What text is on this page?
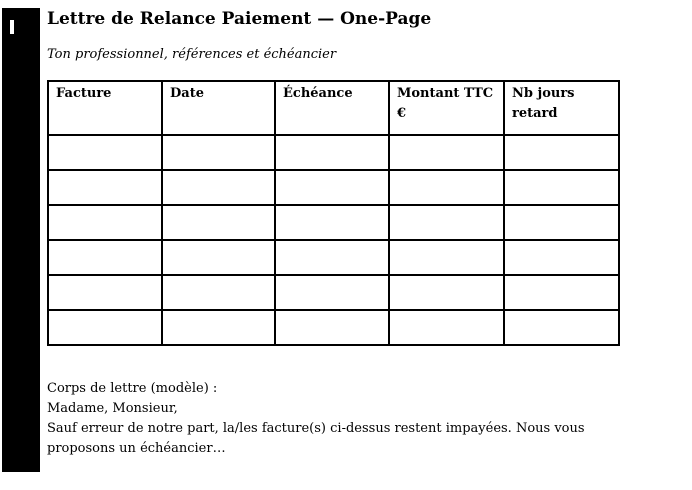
Lettre de Relance Paiement — One-Page
Ton professionnel, références et échéancier
Facture	Date	Échéance	Montant TTC €	Nb jours retard

Corps de lettre (modèle) :
Madame, Monsieur,
Sauf erreur de notre part, la/les facture(s) ci-dessus restent impayées. Nous vous
proposons un échéancier…
